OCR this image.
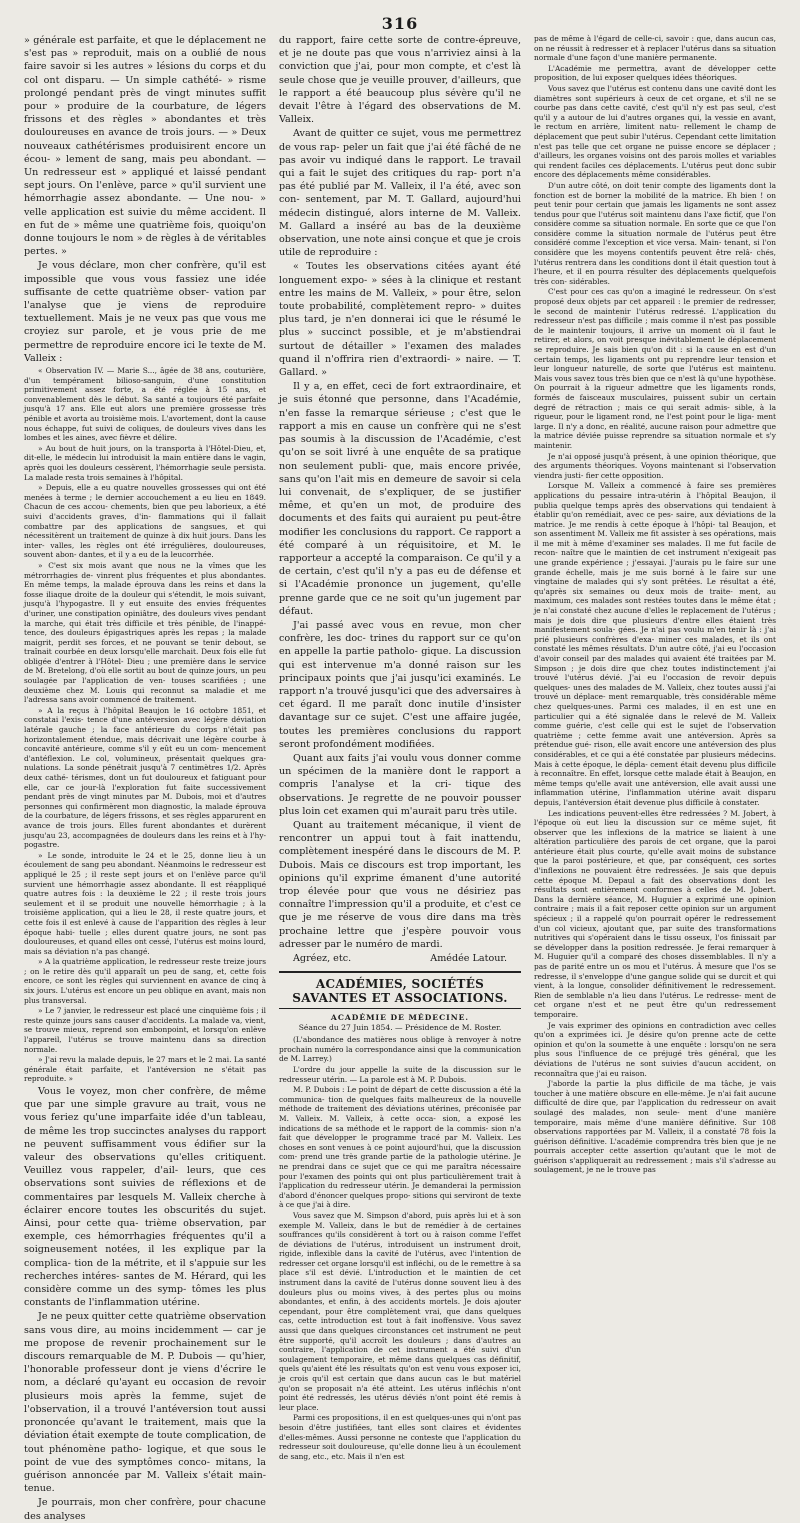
316

» générale est parfaite, et que le déplacement ne s'est pas » reproduit, mais on a oublié de nous faire savoir si les autres » lésions du corps et du col ont disparu. — Un simple cathété- » risme prolongé pendant près de vingt minutes suffit pour » produire de la courbature, de légers frissons et des règles » abondantes et très douloureuses en avance de trois jours. — » Deux nouveaux cathétérismes produisirent encore un écou- » lement de sang, mais peu abondant. — Un redresseur est » appliqué et laissé pendant sept jours. On l'enlève, parce » qu'il survient une hémorrhagie assez abondante. — Une nou- » velle application est suivie du même accident. Il en fut de » même une quatrième fois, quoiqu'on donne toujours le nom » de règles à de véritables pertes. »

Je vous déclare, mon cher confrère, qu'il est impossible que vous vous fassiez une idée suffisante de cette quatrième obser- vation par l'analyse que je viens de reproduire textuellement. Mais je ne veux pas que vous me croyiez sur parole, et je vous prie de me permettre de reproduire encore ici le texte de M. Valleix :

« Observation IV. — Marie S..., âgée de 38 ans, couturière, d'un tempérament bilioso-sanguin, d'une constitution primitivement assez forte, a été réglée à 15 ans, et convenablement dès le début. Sa santé a toujours été parfaite jusqu'à 17 ans. Elle eut alors une première grossesse très pénible et avorta au troisième mois. L'avortement, dont la cause nous échappe, fut suivi de coliques, de douleurs vives dans les lombes et les aines, avec fièvre et délire.

» Au bout de huit jours, on la transporta à l'Hôtel-Dieu, et, dit-elle, le médecin lui introduisit la main entière dans le vagin, après quoi les douleurs cessèrent, l'hémorrhagie seule persista. La malade resta trois semaines à l'hôpital.

» Depuis, elle a eu quatre nouvelles grossesses qui ont été menées à terme ; le dernier accouchement a eu lieu en 1849. Chacun de ces accou- chements, bien que peu laborieux, a été suivi d'accidents graves, d'in- flammations qui il fallait combattre par des applications de sangsues, et qui nécessitèrent un traitement de quinze à dix huit jours. Dans les inter- valles, les règles ont été irrégulières, douloureuses, souvent abon- dantes, et il y a eu de la leucorrhée.

» C'est six mois avant que nous ne la vîmes que les métrorrhagies de- vinrent plus fréquentes et plus abondantes. En même temps, la malade éprouva dans les reins et dans la fosse iliaque droite de la douleur qui s'étendit, le mois suivant, jusqu'à l'hypogastre. Il y eut ensuite des envies fréquentes d'uriner, une constipation opiniâtre, des douleurs vives pendant la marche, qui était très difficile et très pénible, de l'inappé- tence, des douleurs épigastriques après les repas ; la malade maigrit, perdit ses forces, et ne pouvant se tenir debout, se traînait courbée en deux lorsqu'elle marchait. Deux fois elle fut obligée d'entrer à l'Hôtel- Dieu ; une première dans le service de M. Bretelong, d'où elle sortit au bout de quinze jours, un peu soulagée par l'application de ven- touses scarifiées ; une deuxième chez M. Louis qui reconnut sa maladie et me l'adressa sans avoir commencé de traitement.

» A la reçus à l'hôpital Beaujon le 16 octobre 1851, et constatai l'exis- tence d'une antéversion avec légère déviation latérale gauche ; la face antérieure du corps n'était pas horizontalement étendue, mais décrivait une légère courbe à concavité antérieure, comme s'il y eût eu un com- mencement d'antéflexion. Le col, volumineux, présentait quelques gra- nulations. La sonde pénétrait jusqu'à 7 centimètres 1/2. Après deux cathé- térismes, dont un fut douloureux et fatiguant pour elle, car ce jour-là l'exploration fut faite successivement pendant près de vingt minutes par M. Dubois, moi et d'autres personnes qui confirmèrent mon diagnostic, la malade éprouva de la courbature, de légers frissons, et ses règles apparurent en avance de trois jours. Elles furent abondantes et durèrent jusqu'au 23, accompagnées de douleurs dans les reins et à l'hy- pogastre.

» Le sonde, introduite le 24 et le 25, donne lieu à un écoulement de sang peu abondant. Néanmoins le redresseur est appliqué le 25 ; il reste sept jours et on l'enlève parce qu'il survient une hémorrhagie assez abondante. Il est réappliqué quatre autres fois : la deuxième le 22 ; il reste trois jours seulement et il se produit une nouvelle hémorrhagie ; à la troisième application, qui a lieu le 28, il reste quatre jours, et cette fois il est enlevé à cause de l'apparition des règles à leur époque habi- tuelle ; elles durent quatre jours, ne sont pas douloureuses, et quand elles ont cessé, l'utérus est moins lourd, mais sa déviation n'a pas changé.

» A la quatrième application, le redresseur reste treize jours ; on le retire dès qu'il apparaît un peu de sang, et, cette fois encore, ce sont les règles qui surviennent en avance de cinq à six jours. L'utérus est encore un peu oblique en avant, mais non plus transversal.

» Le 7 janvier, le redresseur est placé une cinquième fois ; il reste quinze jours sans causer d'accidents. La malade va, vient, se trouve mieux, reprend son embonpoint, et lorsqu'on enlève l'appareil, l'utérus se trouve maintenu dans sa direction normale.

» J'ai revu la malade depuis, le 27 mars et le 2 mai. La santé générale était parfaite, et l'antéversion ne s'était pas reproduite. »

Vous le voyez, mon cher confrère, de même que par une simple gravure au trait, vous ne vous feriez qu'une imparfaite idée d'un tableau, de même les trop succinctes analyses du rapport ne peuvent suffisamment vous édifier sur la valeur des observations qu'elles critiquent. Veuillez vous rappeler, d'ail- leurs, que ces observations sont suivies de réflexions et de commentaires par lesquels M. Valleix cherche à éclairer encore toutes les obscurités du sujet. Ainsi, pour cette qua- trième observation, par exemple, ces hémorrhagies fréquentes qu'il a soigneusement notées, il les explique par la complica- tion de la métrite, et il s'appuie sur les recherches intéres- santes de M. Hérard, qui les considère comme un des symp- tômes les plus constants de l'inflammation utérine.

Je ne peux quitter cette quatrième observation sans vous dire, au moins incidemment — car je me propose de revenir prochainement sur le discours remarquable de M. P. Dubois — qu'hier, l'honorable professeur dont je viens d'écrire le nom, a déclaré qu'ayant eu occasion de revoir plusieurs mois après la femme, sujet de l'observation, il a trouvé l'antéversion tout aussi prononcée qu'avant le traitement, mais que la déviation était exempte de toute complication, de tout phénomène patho- logique, et que sous le point de vue des symptômes conco- mitans, la guérison annoncée par M. Valleix s'était main- tenue.

Je pourrais, mon cher confrère, pour chacune des analyses

du rapport, faire cette sorte de contre-épreuve, et je ne doute pas que vous n'arriviez ainsi à la conviction que j'ai, pour mon compte, et c'est là seule chose que je veuille prouver, d'ailleurs, que le rapport a été beaucoup plus sévère qu'il ne devait l'être à l'égard des observations de M. Valleix.

Avant de quitter ce sujet, vous me permettrez de vous rap- peler un fait que j'ai été fâché de ne pas avoir vu indiqué dans le rapport. Le travail qui a fait le sujet des critiques du rap- port n'a pas été publié par M. Valleix, il l'a été, avec son con- sentement, par M. T. Gallard, aujourd'hui médecin distingué, alors interne de M. Valleix. M. Gallard a inséré au bas de la deuxième observation, une note ainsi conçue et que je crois utile de reproduire :

« Toutes les observations citées ayant été longuement expo- » sées à la clinique et restant entre les mains de M. Valleix, » pour être, selon toute probabilité, complètement repro- » duites plus tard, je n'en donnerai ici que le résumé le plus » succinct possible, et je m'abstiendrai surtout de détailler » l'examen des malades quand il n'offrira rien d'extraordi- » naire. — T. Gallard. »

Il y a, en effet, ceci de fort extraordinaire, et je suis étonné que personne, dans l'Académie, n'en fasse la remarque sérieuse ; c'est que le rapport a mis en cause un confrère qui ne s'est pas soumis à la discussion de l'Académie, c'est qu'on se soit livré à une enquête de sa pratique non seulement publi- que, mais encore privée, sans qu'on l'ait mis en demeure de savoir si cela lui convenait, de s'expliquer, de se justifier même, et qu'en un mot, de produire des documents et des faits qui auraient pu peut-être modifier les conclusions du rapport. Ce rapport a été comparé à un réquisitoire, et M. le rapporteur a accepté la comparaison. Ce qu'il y a de certain, c'est qu'il n'y a pas eu de défense et si l'Académie prononce un jugement, qu'elle prenne garde que ce ne soit qu'un jugement par défaut.

J'ai passé avec vous en revue, mon cher confrère, les doc- trines du rapport sur ce qu'on en appelle la partie patholo- gique. La discussion qui est intervenue m'a donné raison sur les principaux points que j'ai jusqu'ici examinés. Le rapport n'a trouvé jusqu'ici que des adversaires à cet égard. Il me paraît donc inutile d'insister davantage sur ce sujet. C'est une affaire jugée, toutes les premières conclusions du rapport seront profondément modifiées.

Quant aux faits j'ai voulu vous donner comme un spécimen de la manière dont le rapport a compris l'analyse et la cri- tique des observations. Je regrette de ne pouvoir pousser plus loin cet examen qui m'aurait paru très utile.

Quant au traitement mécanique, il vient de rencontrer un appui tout à fait inattendu, complètement inespéré dans le discours de M. P. Dubois. Mais ce discours est trop important, les opinions qu'il exprime émanent d'une autorité trop élevée pour que vous ne désiriez pas connaître l'impression qu'il a produite, et c'est ce que je me réserve de vous dire dans ma très prochaine lettre que j'espère pouvoir vous adresser par le numéro de mardi.

Agréez, etc.	Amédée Latour.
ACADÉMIES, SOCIÉTÉS SAVANTES ET ASSOCIATIONS.
ACADÉMIE DE MÉDECINE.
Séance du 27 Juin 1854. — Présidence de M. Roster.

(L'abondance des matières nous oblige à renvoyer à notre prochain numéro la correspondance ainsi que la communication de M. Larrey.)

L'ordre du jour appelle la suite de la discussion sur le redresseur utérin. — La parole est à M. P. Dubois.

M. P. Dubois : Le point de départ de cette discussion a été la communica- tion de quelques faits malheureux de la nouvelle méthode de traitement des déviations utérines, préconisée par M. Valleix. M. Valleix, à cette occa- sion, a exposé les indications de sa méthode et le rapport de la commis- sion n'a fait que développer le programme tracé par M. Valleix. Les choses en sont venues à ce point aujourd'hui, que la discussion com- prend une très grande partie de la pathologie utérine. Je ne prendrai dans ce sujet que ce qui me paraîtra nécessaire pour l'examen des points qui ont plus particulièrement trait à l'application du redresseur utérin. Je demanderai la permission d'abord d'énoncer quelques propo- sitions qui serviront de texte à ce que j'ai à dire.

Vous savez que M. Simpson d'abord, puis après lui et à son exemple M. Valleix, dans le but de remédier à de certaines souffrances qu'ils considèrent à tort ou à raison comme l'effet de déviations de l'utérus, introduisent un instrument droit, rigide, inflexible dans la cavité de l'utérus, avec l'intention de redresser cet organe lorsqu'il est infléchi, ou de le remettre à sa place s'il est dévié. L'introduction et le maintien de cet instrument dans la cavité de l'utérus donne souvent lieu à des douleurs plus ou moins vives, à des pertes plus ou moins abondantes, et enfin, à des accidents mortels. Je dois ajouter cependant, pour être complètement vrai, que dans quelques cas, cette introduction est tout à fait inoffensive. Vous savez aussi que dans quelques circonstances cet instrument ne peut être supporté, qu'il accroît les douleurs ; dans d'autres au contraire, l'application de cet instrument a été suivi d'un soulagement temporaire, et même dans quelques cas définitif, quels qu'aient été les résultats qu'on est venu vous exposer ici, je crois qu'il est certain que dans aucun cas le but matériel qu'on se proposait n'a été atteint. Les utérus infléchis n'ont point été redressés, les utérus déviés n'ont point été remis à leur place.

Parmi ces propositions, il en est quelques-unes qui n'ont pas besoin d'être justifiées, tant elles sont claires et évidentes d'elles-mêmes. Aussi personne ne conteste que l'application du redresseur soit douloureuse, qu'elle donne lieu à un écoulement de sang, etc., etc. Mais il n'en est

pas de même à l'égard de celle-ci, savoir : que, dans aucun cas, on ne réussit à redresser et à replacer l'utérus dans sa situation normale d'une façon d'une manière permanente.

L'Académie me permettra, avant de développer cette proposition, de lui exposer quelques idées théoriques.

Vous savez que l'utérus est contenu dans une cavité dont les diamètres sont supérieurs à ceux de cet organe, et s'il ne se courbe pas dans cette cavité, c'est qu'il n'y est pas seul, c'est qu'il y a autour de lui d'autres organes qui, la vessie en avant, le rectum en arrière, limitent natu- rellement le champ de déplacement que peut subir l'utérus. Cependant cette limitation n'est pas telle que cet organe ne puisse encore se déplacer ; d'ailleurs, les organes voisins ont des parois molles et variables qui rendent faciles ces déplacements. L'utérus peut donc subir encore des déplacements même considérables.

D'un autre côté, on doit tenir compte des ligaments dont la fonction est de borner la mobilité de la matrice. Eh bien ! on peut tenir pour certain que jamais les ligaments ne sont assez tendus pour que l'utérus soit maintenu dans l'axe fictif, que l'on considère comme sa situation normale. En sorte que ce que l'on considère comme la situation normale de l'utérus peut être considéré comme l'exception et vice versa. Main- tenant, si l'on considère que les moyens contentifs peuvent être relâ- chés, l'utérus rentrera dans les conditions dont il était question tout à l'heure, et il en pourra résulter des déplacements quelquefois très con- sidérables.

C'est pour ces cas qu'on a imaginé le redresseur. On s'est proposé deux objets par cet appareil : le premier de redresser, le second de maintenir l'utérus redressé. L'application du redresseur n'est pas difficile ; mais comme il n'est pas possible de le maintenir toujours, il arrive un moment où il faut le retirer, et alors, on voit presque inévitablement le déplacement se reproduire. Je sais bien qu'on dit : si la cause en est d'un certain temps, les ligaments ont pu reprendre leur tension et leur longueur naturelle, de sorte que l'utérus est maintenu. Mais vous savez tous très bien que ce n'est là qu'une hypothèse. On pourrait à la rigueur admettre que les ligaments ronds, formés de faisceaux musculaires, puissent subir un certain degré de rétraction ; mais ce qui serait admis- sible, à la rigueur, pour le ligament rond, ne l'est point pour le liga- ment large. Il n'y a donc, en réalité, aucune raison pour admettre que la matrice déviée puisse reprendre sa situation normale et s'y maintenir.

Je n'ai opposé jusqu'à présent, à une opinion théorique, que des arguments théoriques. Voyons maintenant si l'observation viendra justi- fier cette opposition.

Lorsque M. Valleix a commencé à faire ses premières applications du pessaire intra-utérin à l'hôpital Beaujon, il publia quelque temps après des observations qui tendaient à établir qu'on remédiait, avec ce pes- saire, aux déviations de la matrice. Je me rendis à cette époque à l'hôpi- tal Beaujon, et son assentiment M. Valleix me fit assister à ses opérations, mais il me mit à même d'examiner ses malades. Il me fut facile de recon- naître que le maintien de cet instrument n'exigeait pas une grande expérience ; j'essayai. J'aurais pu le faire sur une grande échelle, mais je me suis borné à le faire sur une vingtaine de malades qui s'y sont prêtées. Le résultat a été, qu'après six semaines ou deux mois de traite- ment, au maximum, ces malades sont restées toutes dans le même état ; je n'ai constaté chez aucune d'elles le replacement de l'utérus ; mais je dois dire que plusieurs d'entre elles étaient très manifestement soula- gées. Je n'ai pas voulu m'en tenir là : j'ai prié plusieurs confrères d'exa- miner ces malades, et ils ont constaté les mêmes résultats. D'un autre côté, j'ai eu l'occasion d'avoir conseil par des malades qui avaient été traitées par M. Simpson ; je dois dire que chez toutes indistinctement j'ai trouvé l'utérus dévié. J'ai eu l'occasion de revoir depuis quelques- unes des malades de M. Valleix, chez toutes aussi j'ai trouvé un déplace- ment remarquable, très considérable même chez quelques-unes. Parmi ces malades, il en est une en particulier qui a été signalée dans le relevé de M. Valleix comme guérie, c'est celle qui est le sujet de l'observation quatrième ; cette femme avait une antéversion. Après sa prétendue gué- rison, elle avait encore une antéversion des plus considérables, et ce qui a été constatée par plusieurs médecins. Mais à cette époque, le dépla- cement était devenu plus difficile à reconnaître. En effet, lorsque cette malade était à Beaujon, en même temps qu'elle avait une antéversion, elle avait aussi une inflammation utérine, l'inflammation utérine avait disparu depuis, l'antéversion était devenue plus difficile à constater.

Les indications peuvent-elles être redressées ? M. Jobert, à l'époque où eut lieu la discussion sur ce même sujet, fit observer que les inflexions de la matrice se liaient à une altération particulière des parois de cet organe, que la paroi antérieure était plus courte, qu'elle avait moins de substance que la paroi postérieure, et que, par conséquent, ces sortes d'inflexions ne pouvaient être redressées. Je sais que depuis cette époque M. Depaul a fait des observations dont les résultats sont entièrement conformes à celles de M. Jobert. Dans la dernière séance, M. Huguier a exprimé une opinion contraire ; mais il a fait reposer cette opinion sur un argument spécieux ; il a rappelé qu'on pourrait opérer le redressement d'un col vicieux, ajoutant que, par suite des transformations nutritives qui s'opéraient dans le tissu osseux, l'os finissait par se développer dans la position redressée. Je ferai remarquer à M. Huguier qu'il a comparé des choses dissemblables. Il n'y a pas de parité entre un os mou et l'utérus. À mesure que l'os se redresse, il s'enveloppe d'une gangue solide qui se durcit et qui vient, à la longue, consolider définitivement le redressement. Rien de semblable n'a lieu dans l'utérus. Le redresse- ment de cet organe n'est et ne peut être qu'un redressement temporaire.

Je vais exprimer des opinions en contradiction avec celles qu'on a exprimées ici. Je désire qu'on prenne acte de cette opinion et qu'on la soumette à une enquête : lorsqu'on ne sera plus sous l'influence de ce préjugé très général, que les déviations de l'utérus ne sont suivies d'aucun accident, on reconnaîtra que j'ai eu raison.

J'aborde la partie la plus difficile de ma tâche, je vais toucher à une matière obscure en elle-même. Je n'ai fait aucune difficulté de dire que, par l'application du redresseur on avait soulagé des malades, non seule- ment d'une manière temporaire, mais même d'une manière définitive. Sur 108 observations rapportées par M. Valleix, il a constaté 78 fois la guérison définitive. L'académie comprendra très bien que je ne pourrais accepter cette assertion qu'autant que le mot de guérison s'appliquerait au redressement ; mais s'il s'adresse au soulagement, je ne le trouve pas
